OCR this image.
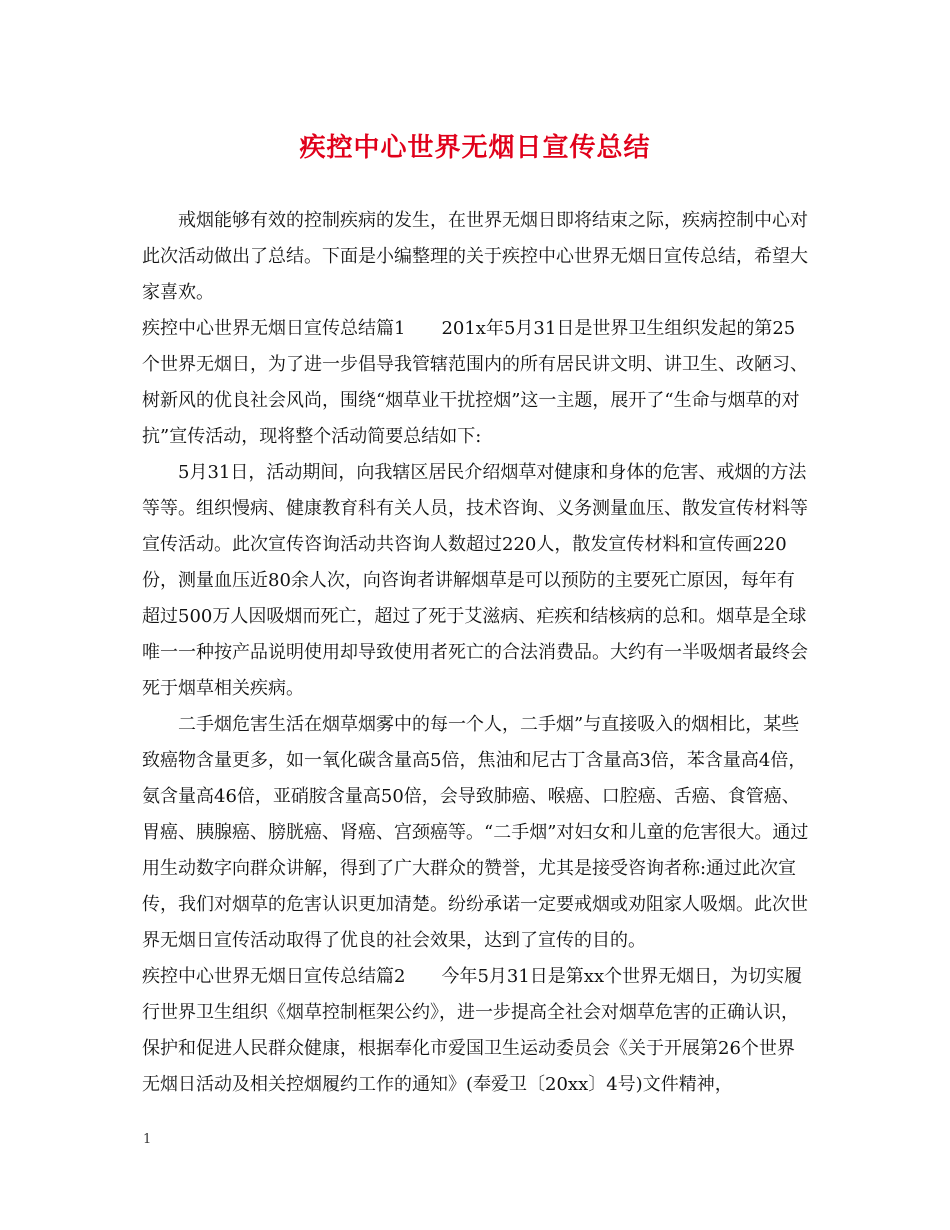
疾控中心世界无烟日宣传总结

戒烟能够有效的控制疾病的发生，在世界无烟日即将结束之际，疾病控制中心对此次活动做出了总结。下面是小编整理的关于疾控中心世界无烟日宣传总结，希望大家喜欢。

疾控中心世界无烟日宣传总结篇1　　201x年5月31日是世界卫生组织发起的第25个世界无烟日，为了进一步倡导我管辖范围内的所有居民讲文明、讲卫生、改陋习、树新风的优良社会风尚，围绕“烟草业干扰控烟”这一主题，展开了“生命与烟草的对抗”宣传活动，现将整个活动简要总结如下:

5月31日，活动期间，向我辖区居民介绍烟草对健康和身体的危害、戒烟的方法等等。组织慢病、健康教育科有关人员，技术咨询、义务测量血压、散发宣传材料等宣传活动。此次宣传咨询活动共咨询人数超过220人，散发宣传材料和宣传画220份，测量血压近80余人次，向咨询者讲解烟草是可以预防的主要死亡原因，每年有超过500万人因吸烟而死亡，超过了死于艾滋病、疟疾和结核病的总和。烟草是全球唯一一种按产品说明使用却导致使用者死亡的合法消费品。大约有一半吸烟者最终会死于烟草相关疾病。

二手烟危害生活在烟草烟雾中的每一个人，二手烟”与直接吸入的烟相比，某些致癌物含量更多，如一氧化碳含量高5倍，焦油和尼古丁含量高3倍，苯含量高4倍，氨含量高46倍，亚硝胺含量高50倍，会导致肺癌、喉癌、口腔癌、舌癌、食管癌、胃癌、胰腺癌、膀胱癌、肾癌、宫颈癌等。“二手烟”对妇女和儿童的危害很大。通过用生动数字向群众讲解，得到了广大群众的赞誉，尤其是接受咨询者称:通过此次宣传，我们对烟草的危害认识更加清楚。纷纷承诺一定要戒烟或劝阻家人吸烟。此次世界无烟日宣传活动取得了优良的社会效果，达到了宣传的目的。

疾控中心世界无烟日宣传总结篇2　　今年5月31日是第xx个世界无烟日，为切实履行世界卫生组织《烟草控制框架公约》，进一步提高全社会对烟草危害的正确认识，保护和促进人民群众健康，根据奉化市爱国卫生运动委员会《关于开展第26个世界无烟日活动及相关控烟履约工作的通知》(奉爱卫〔20xx〕4号)文件精神，

1
